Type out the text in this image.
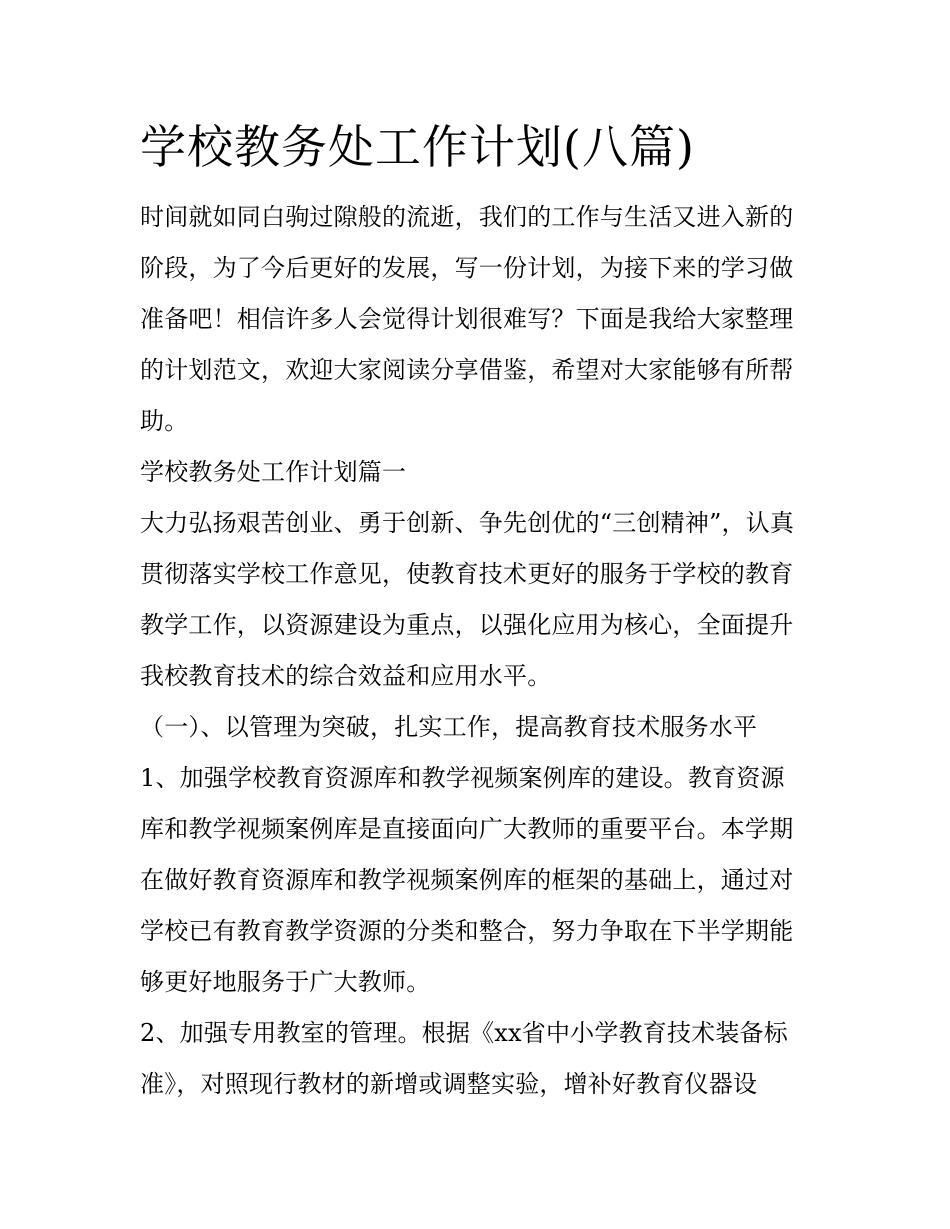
学校教务处工作计划(八篇)
时间就如同白驹过隙般的流逝，我们的工作与生活又进入新的
阶段，为了今后更好的发展，写一份计划，为接下来的学习做
准备吧！相信许多人会觉得计划很难写？下面是我给大家整理
的计划范文，欢迎大家阅读分享借鉴，希望对大家能够有所帮
助。
学校教务处工作计划篇一
大力弘扬艰苦创业、勇于创新、争先创优的“三创精神”，认真
贯彻落实学校工作意见，使教育技术更好的服务于学校的教育
教学工作，以资源建设为重点，以强化应用为核心，全面提升
我校教育技术的综合效益和应用水平。
（一）、以管理为突破，扎实工作，提高教育技术服务水平
1、加强学校教育资源库和教学视频案例库的建设。教育资源
库和教学视频案例库是直接面向广大教师的重要平台。本学期
在做好教育资源库和教学视频案例库的框架的基础上，通过对
学校已有教育教学资源的分类和整合，努力争取在下半学期能
够更好地服务于广大教师。
2、加强专用教室的管理。根据《xx省中小学教育技术装备标
准》，对照现行教材的新增或调整实验，增补好教育仪器设
